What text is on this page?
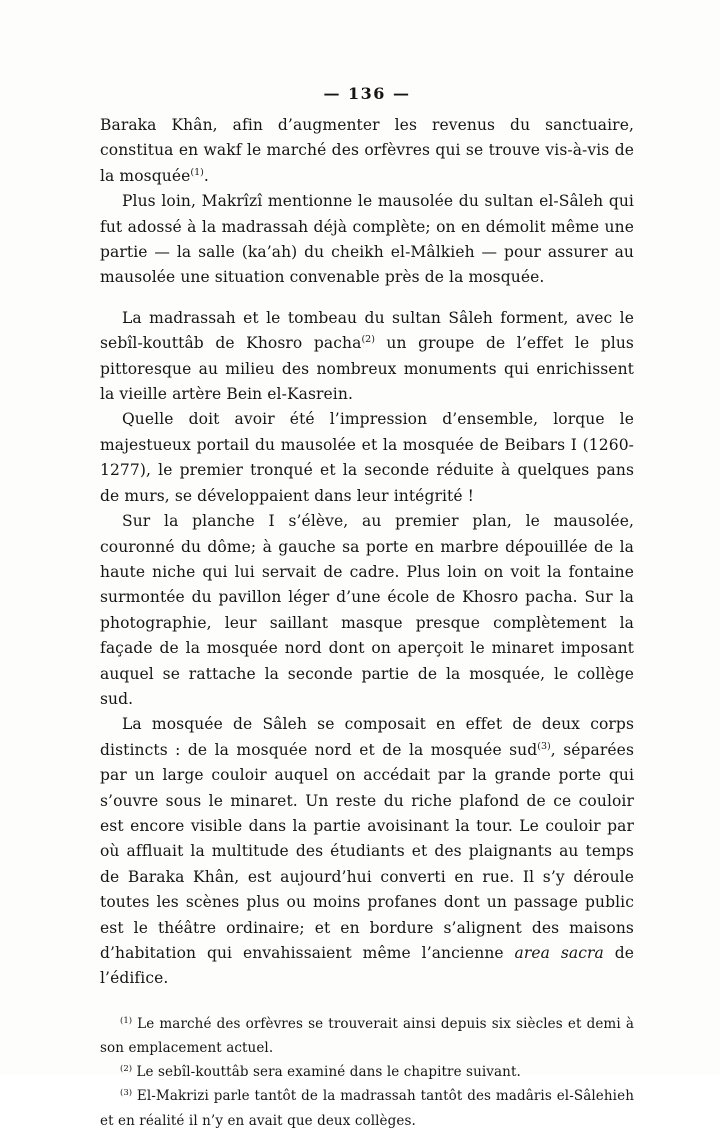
— 136 —

Baraka Khân, afin d’augmenter les revenus du sanctuaire, constitua en wakf le marché des orfèvres qui se trouve vis-à-vis de la mosquée$^{(1)}$.

Plus loin, Makrîzî mentionne le mausolée du sultan el-Sâleh qui fut adossé à la madrassah déjà complète; on en démolit même une partie — la salle (ka’ah) du cheikh el-Mâlkieh — pour assurer au mausolée une situation convenable près de la mosquée.

La madrassah et le tombeau du sultan Sâleh forment, avec le sebîl-kouttâb de Khosro pacha$^{(2)}$ un groupe de l’effet le plus pittoresque au milieu des nombreux monuments qui enrichissent la vieille artère Bein el-Kasrein.

Quelle doit avoir été l’impression d’ensemble, lorque le majestueux portail du mausolée et la mosquée de Beibars I (1260-1277), le premier tronqué et la seconde réduite à quelques pans de murs, se développaient dans leur intégrité !

Sur la planche I s’élève, au premier plan, le mausolée, couronné du dôme; à gauche sa porte en marbre dépouillée de la haute niche qui lui servait de cadre. Plus loin on voit la fontaine surmontée du pavillon léger d’une école de Khosro pacha. Sur la photographie, leur saillant masque presque complètement la façade de la mosquée nord dont on aperçoit le minaret imposant auquel se rattache la seconde partie de la mosquée, le collège sud.

La mosquée de Sâleh se composait en effet de deux corps distincts : de la mosquée nord et de la mosquée sud$^{(3)}$, séparées par un large couloir auquel on accédait par la grande porte qui s’ouvre sous le minaret. Un reste du riche plafond de ce couloir est encore visible dans la partie avoisinant la tour. Le couloir par où affluait la multitude des étudiants et des plaignants au temps de Baraka Khân, est aujourd’hui converti en rue. Il s’y déroule toutes les scènes plus ou moins profanes dont un passage public est le théâtre ordinaire; et en bordure s’alignent des maisons d’habitation qui envahissaient même l’ancienne area sacra de l’édifice.

$^{(1)}$ Le marché des orfèvres se trouverait ainsi depuis six siècles et demi à son emplacement actuel.

$^{(2)}$ Le sebîl-kouttâb sera examiné dans le chapitre suivant.

$^{(3)}$ El-Makrizi parle tantôt de la madrassah tantôt des madâris el-Sâlehieh et en réalité il n’y en avait que deux collèges.
